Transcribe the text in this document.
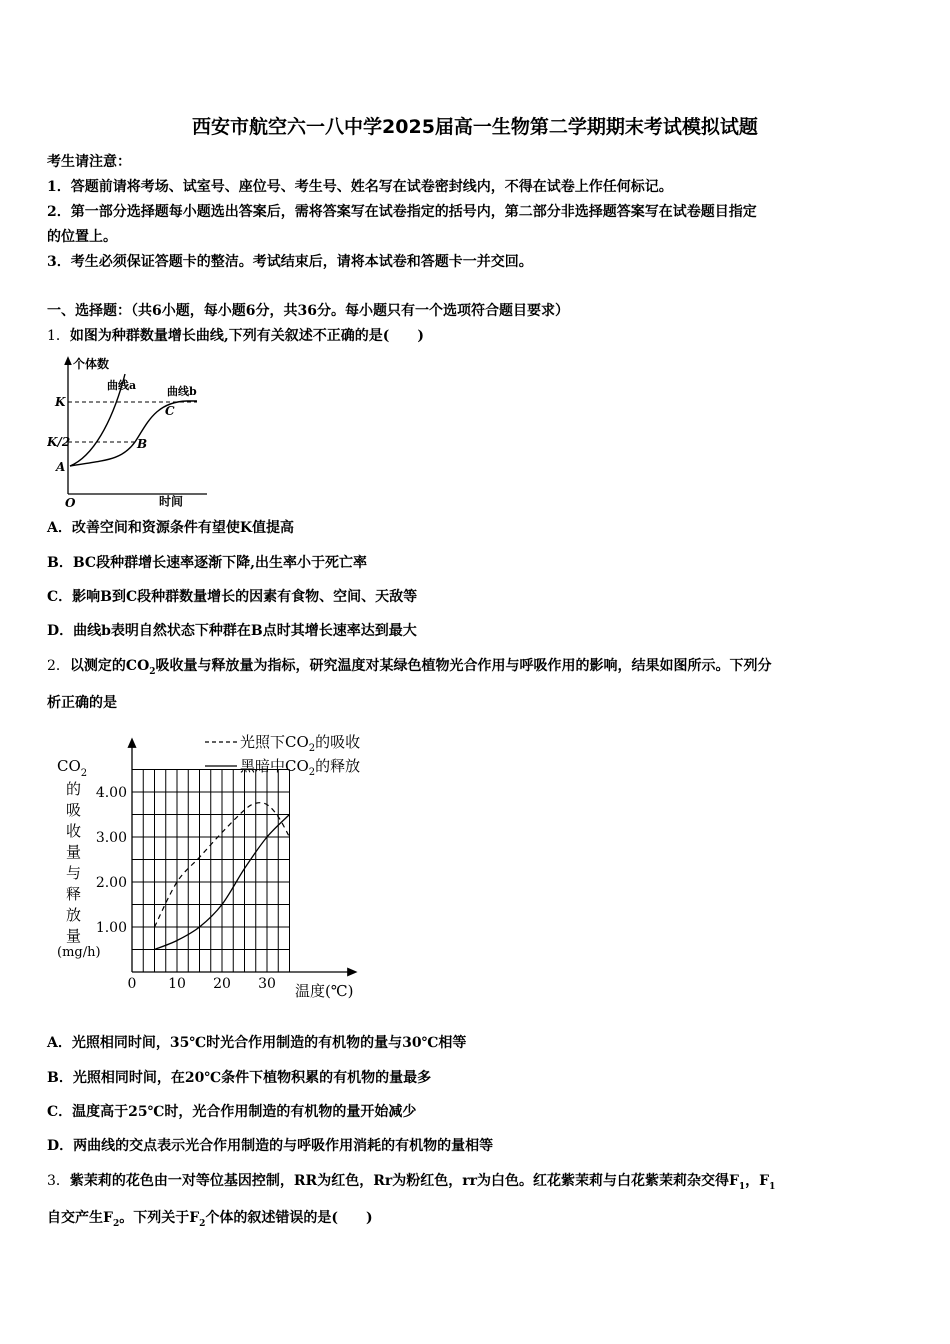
西安市航空六一八中学2025届高一生物第二学期期末考试模拟试题
考生请注意：
1．答题前请将考场、试室号、座位号、考生号、姓名写在试卷密封线内，不得在试卷上作任何标记。
2．第一部分选择题每小题选出答案后，需将答案写在试卷指定的括号内，第二部分非选择题答案写在试卷题目指定
的位置上。
3．考生必须保证答题卡的整洁。考试结束后，请将本试卷和答题卡一并交回。
一、选择题：（共6小题，每小题6分，共36分。每小题只有一个选项符合题目要求）
1．如图为种群数量增长曲线,下列有关叙述不正确的是(　　)
个体数
曲线a	曲线b
K
K/2
A
B
C
O	时间
A．改善空间和资源条件有望使K值提高
B．BC段种群增长速率逐渐下降,出生率小于死亡率
C．影响B到C段种群数量增长的因素有食物、空间、天敌等
D．曲线b表明自然状态下种群在B点时其增长速率达到最大
2．以测定的$CO_2$吸收量与释放量为指标，研究温度对某绿色植物光合作用与呼吸作用的影响，结果如图所示。下列分
析正确的是
1.00
2.00
3.00
4.00
0 10 20 30
光照下$CO_2$的吸收
黑暗中$CO_2$的释放
$CO_2$
的
吸
收
量
与
释
放
量
(mg/h)
温度(℃)
A．光照相同时间，35℃时光合作用制造的有机物的量与30℃相等
B．光照相同时间，在20℃条件下植物积累的有机物的量最多
C．温度高于25℃时，光合作用制造的有机物的量开始减少
D．两曲线的交点表示光合作用制造的与呼吸作用消耗的有机物的量相等
3．紫茉莉的花色由一对等位基因控制，RR为红色，Rr为粉红色，rr为白色。红花紫茉莉与白花紫茉莉杂交得$F_1$，$F_1$
自交产生$F_2$。下列关于$F_2$个体的叙述错误的是(　　)
